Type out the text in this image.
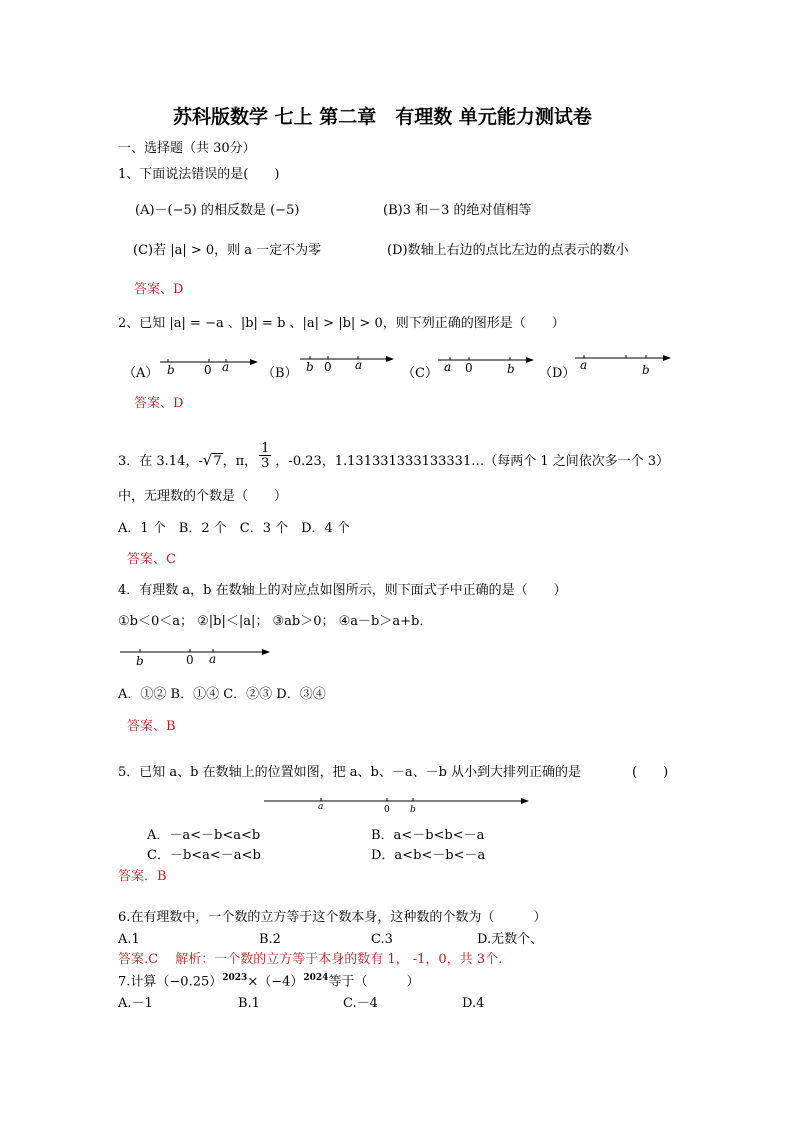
苏科版数学 七上 第二章　有理数 单元能力测试卷
一、选择题（共 30分）
1、下面说法错误的是(　　)
(A)－(−5) 的相反数是 (−5)	(B)3 和－3 的绝对值相等
(C)若 |a| > 0，则 a 一定不为零	(D)数轴上右边的点比左边的点表示的数小
答案、D
2、已知 |a| = −a 、|b| = b 、|a| > |b| > 0，则下列正确的图形是（　　）
（A）	（B）	（C）	（D）
b 0 a	b 0 a	a 0	b	a	b
b	0 a
a	0 b
答案、D
3．在 3.14，-√7，π， $\frac{1}{3}$ ，-0.23，1.131331333133331…（每两个 1 之间依次多一个 3）
中，无理数的个数是（　　）
A．1 个　B．2 个　C．3 个　D．4 个
答案、C
4．有理数 a，b 在数轴上的对应点如图所示，则下面式子中正确的是（　　）
①b＜0＜a； ②|b|＜|a|； ③ab＞0； ④a－b＞a+b．
A．①② B．①④ C．②③ D．③④
答案、B
5．已知 a、b 在数轴上的位置如图，把 a、b、－a、－b 从小到大排列正确的是	(　　)
A．－a<－b<a<b	B．a<－b<b<－a
C．－b<a<－a<b	D．a<b<－b<－a
答案．B
6.在有理数中，一个数的立方等于这个数本身，这种数的个数为（　　　）
A.1	B.2	C.3	D.无数个、
答案.C　 解析：一个数的立方等于本身的数有 1， -1，0，共 3个.
7.计算$(-0.25)^{2023}\times(-4)^{2024}$等于（　　　）
A.－1	B.1	C.－4	D.4
